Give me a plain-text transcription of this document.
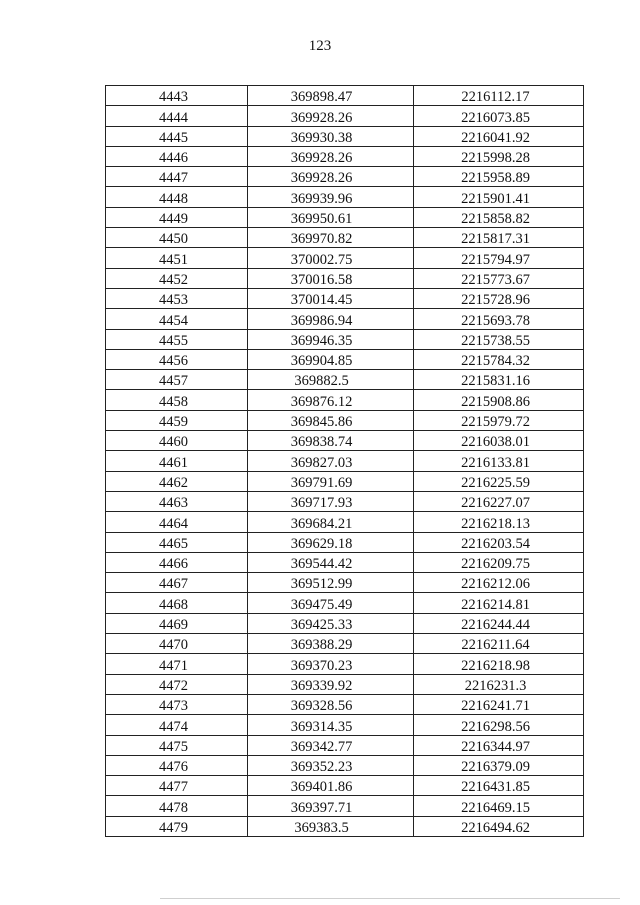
123
4443	369898.47	2216112.17
4444	369928.26	2216073.85
4445	369930.38	2216041.92
4446	369928.26	2215998.28
4447	369928.26	2215958.89
4448	369939.96	2215901.41
4449	369950.61	2215858.82
4450	369970.82	2215817.31
4451	370002.75	2215794.97
4452	370016.58	2215773.67
4453	370014.45	2215728.96
4454	369986.94	2215693.78
4455	369946.35	2215738.55
4456	369904.85	2215784.32
4457	369882.5	2215831.16
4458	369876.12	2215908.86
4459	369845.86	2215979.72
4460	369838.74	2216038.01
4461	369827.03	2216133.81
4462	369791.69	2216225.59
4463	369717.93	2216227.07
4464	369684.21	2216218.13
4465	369629.18	2216203.54
4466	369544.42	2216209.75
4467	369512.99	2216212.06
4468	369475.49	2216214.81
4469	369425.33	2216244.44
4470	369388.29	2216211.64
4471	369370.23	2216218.98
4472	369339.92	2216231.3
4473	369328.56	2216241.71
4474	369314.35	2216298.56
4475	369342.77	2216344.97
4476	369352.23	2216379.09
4477	369401.86	2216431.85
4478	369397.71	2216469.15
4479	369383.5	2216494.62
